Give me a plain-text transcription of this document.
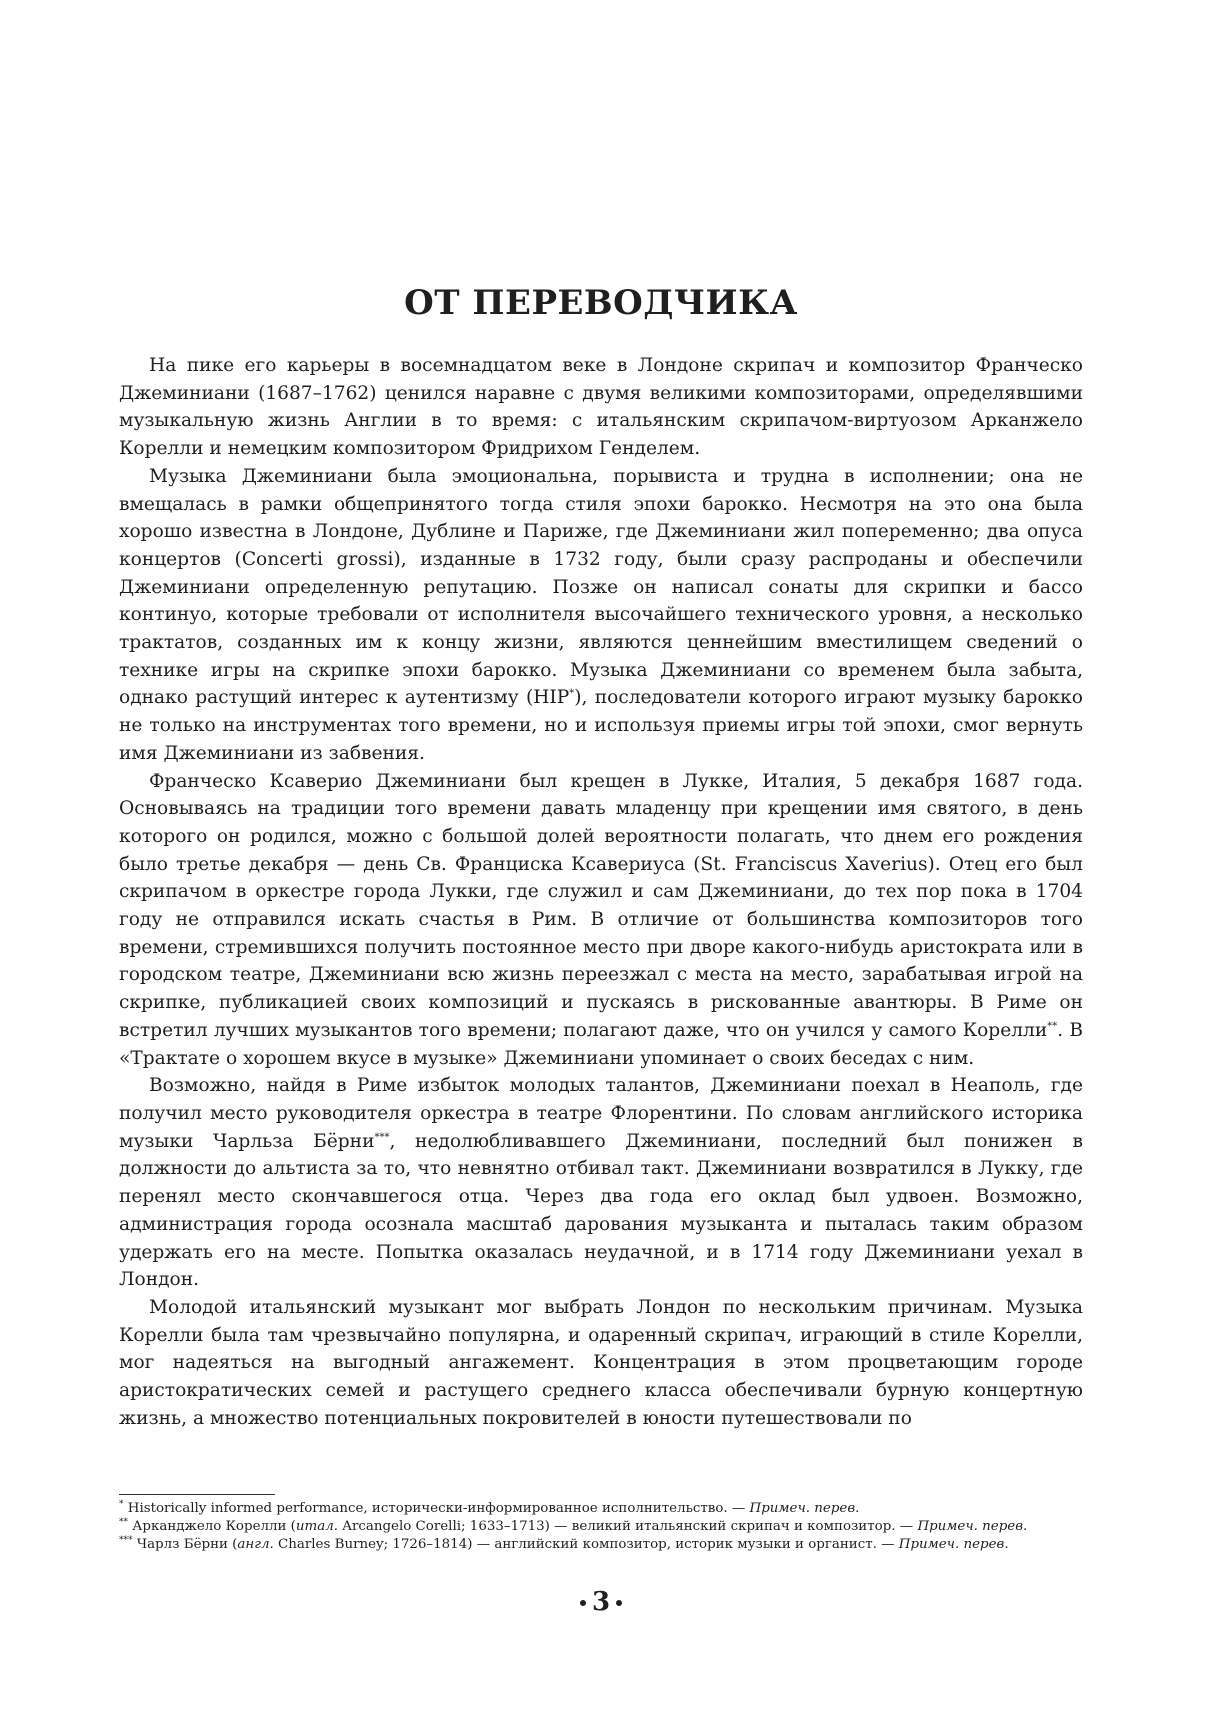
ОТ ПЕРЕВОДЧИКА

На пике его карьеры в восемнадцатом веке в Лондоне скрипач и композитор Франческо Джеминиани (1687–1762) ценился наравне с двумя великими композиторами, определявшими музыкальную жизнь Англии в то время: с итальянским скрипачом-виртуозом Арканжело Корелли и немецким композитором Фридрихом Генделем.

Музыка Джеминиани была эмоциональна, порывиста и трудна в исполнении; она не вмещалась в рамки общепринятого тогда стиля эпохи барокко. Несмотря на это она была хорошо известна в Лондоне, Дублине и Париже, где Джеминиани жил попеременно; два опуса концертов (Concerti grossi), изданные в 1732 году, были сразу распроданы и обеспечили Джеминиани определенную репутацию. Позже он написал сонаты для скрипки и бассо континуо, которые требовали от исполнителя высочайшего технического уровня, а несколько трактатов, созданных им к концу жизни, являются ценнейшим вместилищем сведений о технике игры на скрипке эпохи барокко. Музыка Джеминиани со временем была забыта, однако растущий интерес к аутентизму (HIP*), последователи которого играют музыку барокко не только на инструментах того времени, но и используя приемы игры той эпохи, смог вернуть имя Джеминиани из забвения.

Франческо Ксаверио Джеминиани был крещен в Лукке, Италия, 5 декабря 1687 года. Основываясь на традиции того времени давать младенцу при крещении имя святого, в день которого он родился, можно с большой долей вероятности полагать, что днем его рождения было третье декабря — день Св. Франциска Ксавериуса (St. Franciscus Xaverius). Отец его был скрипачом в оркестре города Лукки, где служил и сам Джеминиани, до тех пор пока в 1704 году не отправился искать счастья в Рим. В отличие от большинства композиторов того времени, стремившихся получить постоянное место при дворе какого-нибудь аристократа или в городском театре, Джеминиани всю жизнь переезжал с места на место, зарабатывая игрой на скрипке, публикацией своих композиций и пускаясь в рискованные авантюры. В Риме он встретил лучших музыкантов того времени; полагают даже, что он учился у самого Корелли**. В «Трактате о хорошем вкусе в музыке» Джеминиани упоминает о своих беседах с ним.

Возможно, найдя в Риме избыток молодых талантов, Джеминиани поехал в Неаполь, где получил место руководителя оркестра в театре Флорентини. По словам английского историка музыки Чарльза Бёрни***, недолюбливавшего Джеминиани, последний был понижен в должности до альтиста за то, что невнятно отбивал такт. Джеминиани возвратился в Лукку, где перенял место скончавшегося отца. Через два года его оклад был удвоен. Возможно, администрация города осознала масштаб дарования музыканта и пыталась таким образом удержать его на месте. Попытка оказалась неудачной, и в 1714 году Джеминиани уехал в Лондон.

Молодой итальянский музыкант мог выбрать Лондон по нескольким причинам. Музыка Корелли была там чрезвычайно популярна, и одаренный скрипач, играющий в стиле Корелли, мог надеяться на выгодный ангажемент. Концентрация в этом процветающим городе аристократических семей и растущего среднего класса обеспечивали бурную концертную жизнь, а множество потенциальных покровителей в юности путешествовали по

* Historically informed performance, исторически-информированное исполнительство. — Примеч. перев.

** Арканджело Корелли (итал. Arcangelo Corelli; 1633–1713) — великий итальянский скрипач и композитор. — Примеч. перев.

*** Чарлз Бёрни (англ. Charles Burney; 1726–1814) — английский композитор, историк музыки и органист. — Примеч. перев.

3
